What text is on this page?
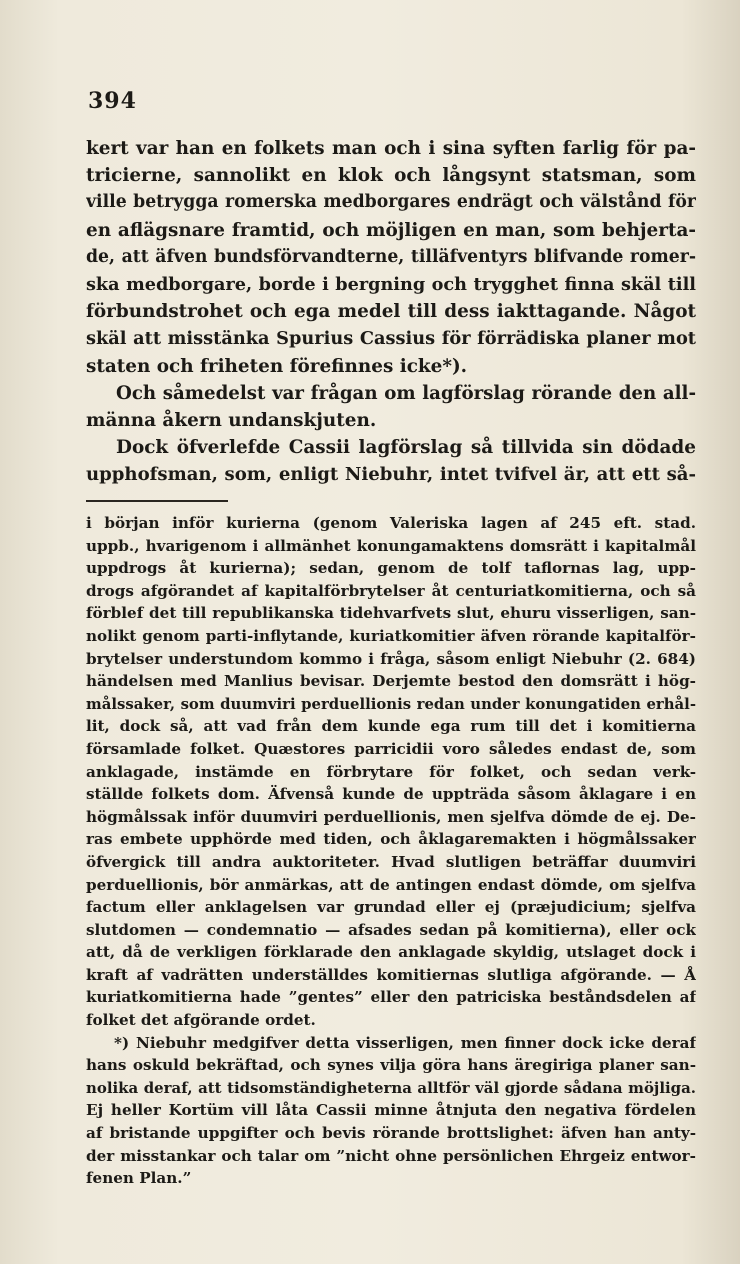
394
kert var han en folkets man och i sina syften farlig för pa-
tricierne, sannolikt en klok och långsynt statsman, som
ville betrygga romerska medborgares endrägt och välstånd för
en aflägsnare framtid, och möjligen en man, som behjerta-
de, att äfven bundsförvandterne, tilläfventyrs blifvande romer-
ska medborgare, borde i bergning och trygghet finna skäl till
förbundstrohet och ega medel till dess iakttagande. Något
skäl att misstänka Spurius Cassius för förrädiska planer mot
staten och friheten förefinnes icke*).
Och såmedelst var frågan om lagförslag rörande den all-
männa åkern undanskjuten.
Dock öfverlefde Cassii lagförslag så tillvida sin dödade
upphofsman, som, enligt Niebuhr, intet tvifvel är, att ett så-
i början inför kurierna (genom Valeriska lagen af 245 eft. stad.
uppb., hvarigenom i allmänhet konungamaktens domsrätt i kapitalmål
uppdrogs åt kurierna); sedan, genom de tolf taflornas lag, upp-
drogs afgörandet af kapitalförbrytelser åt centuriatkomitierna, och så
förblef det till republikanska tidehvarfvets slut, ehuru visserligen, san-
nolikt genom parti-inflytande, kuriatkomitier äfven rörande kapitalför-
brytelser understundom kommo i fråga, såsom enligt Niebuhr (2. 684)
händelsen med Manlius bevisar. Derjemte bestod den domsrätt i hög-
målssaker, som duumviri perduellionis redan under konungatiden erhål-
lit, dock så, att vad från dem kunde ega rum till det i komitierna
församlade folket. Quæstores parricidii voro således endast de, som
anklagade, instämde en förbrytare för folket, och sedan verk-
ställde folkets dom. Äfvenså kunde de uppträda såsom åklagare i en
högmålssak inför duumviri perduellionis, men sjelfva dömde de ej. De-
ras embete upphörde med tiden, och åklagaremakten i högmålssaker
öfvergick till andra auktoriteter. Hvad slutligen beträffar duumviri
perduellionis, bör anmärkas, att de antingen endast dömde, om sjelfva
factum eller anklagelsen var grundad eller ej (præjudicium; sjelfva
slutdomen — condemnatio — afsades sedan på komitierna), eller ock
att, då de verkligen förklarade den anklagade skyldig, utslaget dock i
kraft af vadrätten underställdes komitiernas slutliga afgörande. — Å
kuriatkomitierna hade ”gentes” eller den patriciska beståndsdelen af
folket det afgörande ordet.
*) Niebuhr medgifver detta visserligen, men finner dock icke deraf
hans oskuld bekräftad, och synes vilja göra hans äregiriga planer san-
nolika deraf, att tidsomständigheterna alltför väl gjorde sådana möjliga.
Ej heller Kortüm vill låta Cassii minne åtnjuta den negativa fördelen
af bristande uppgifter och bevis rörande brottslighet: äfven han anty-
der misstankar och talar om ”nicht ohne persönlichen Ehrgeiz entwor-
fenen Plan.”
